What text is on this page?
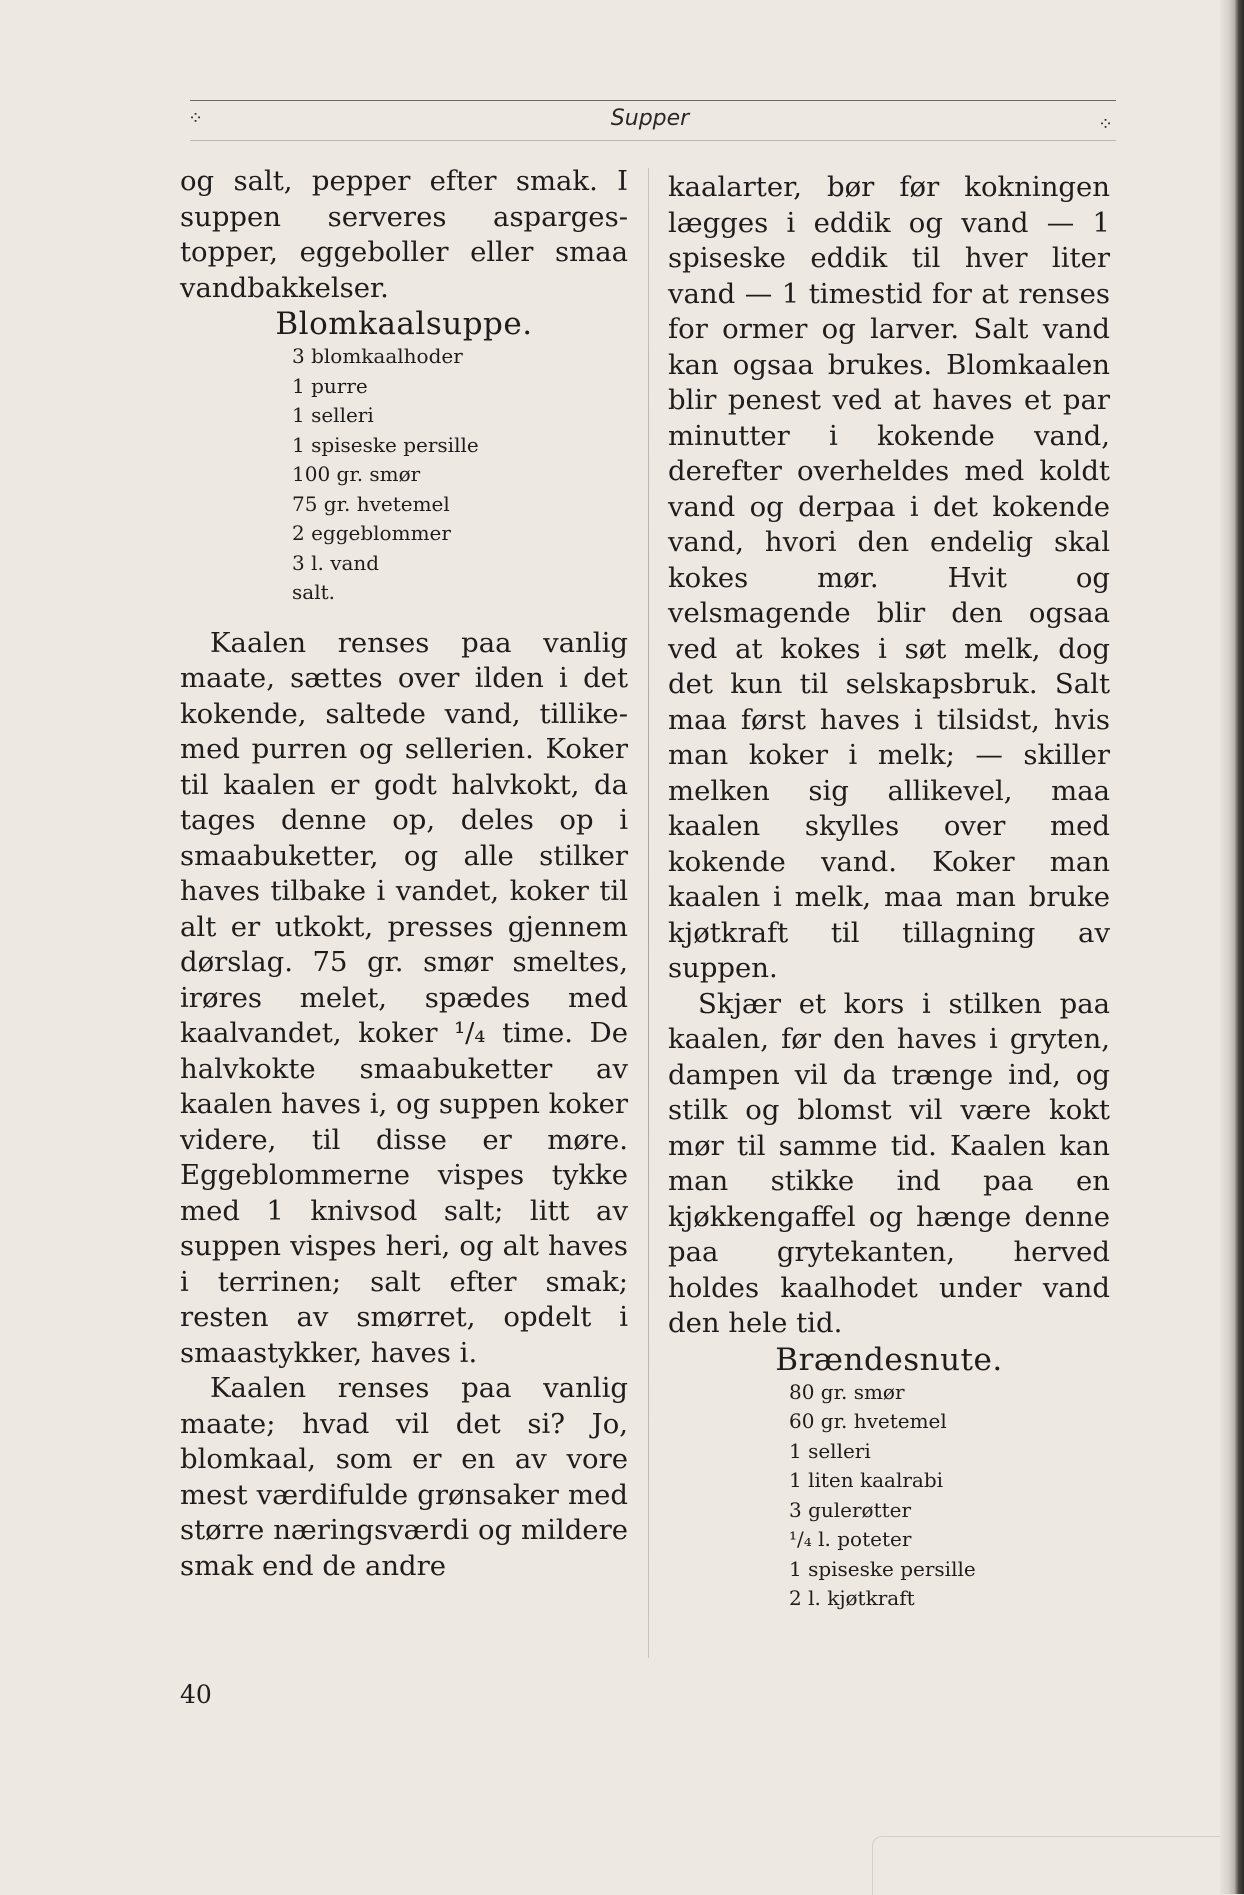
⁘	Supper	⁘

og salt, pepper efter smak. I suppen serveres aspargestopper, eggeboller eller smaa vandbakkelser.

Blomkaalsuppe.
3 blomkaalhoder
1 purre
1 selleri
1 spiseske persille
100 gr. smør
75 gr. hvetemel
2 eggeblommer
3 l. vand
salt.

Kaalen renses paa vanlig maate, sættes over ilden i det kokende, saltede vand, tillikemed purren og sellerien. Koker til kaalen er godt halvkokt, da tages denne op, deles op i smaabuketter, og alle stilker haves tilbake i vandet, koker til alt er utkokt, presses gjennem dørslag. 75 gr. smør smeltes, irøres melet, spædes med kaalvandet, koker ¹/₄ time. De halvkokte smaabuketter av kaalen haves i, og suppen koker videre, til disse er møre. Eggeblommerne vispes tykke med 1 knivsod salt; litt av suppen vispes heri, og alt haves i terrinen; salt efter smak; resten av smørret, opdelt i smaastykker, haves i.

Kaalen renses paa vanlig maate; hvad vil det si? Jo, blomkaal, som er en av vore mest værdifulde grønsaker med større næringsværdi og mildere smak end de andre

kaalarter, bør før kokningen lægges i eddik og vand — 1 spiseske eddik til hver liter vand — 1 timestid for at renses for ormer og larver. Salt vand kan ogsaa brukes. Blomkaalen blir penest ved at haves et par minutter i kokende vand, derefter overheldes med koldt vand og derpaa i det kokende vand, hvori den endelig skal kokes mør. Hvit og velsmagende blir den ogsaa ved at kokes i søt melk, dog det kun til selskapsbruk. Salt maa først haves i tilsidst, hvis man koker i melk; — skiller melken sig allikevel, maa kaalen skylles over med kokende vand. Koker man kaalen i melk, maa man bruke kjøtkraft til tillagning av suppen.

Skjær et kors i stilken paa kaalen, før den haves i gryten, dampen vil da trænge ind, og stilk og blomst vil være kokt mør til samme tid. Kaalen kan man stikke ind paa en kjøkkengaffel og hænge denne paa grytekanten, herved holdes kaalhodet under vand den hele tid.

Brændesnute.
80 gr. smør
60 gr. hvetemel
1 selleri
1 liten kaalrabi
3 gulerøtter
¹/₄ l. poteter
1 spiseske persille
2 l. kjøtkraft
40
